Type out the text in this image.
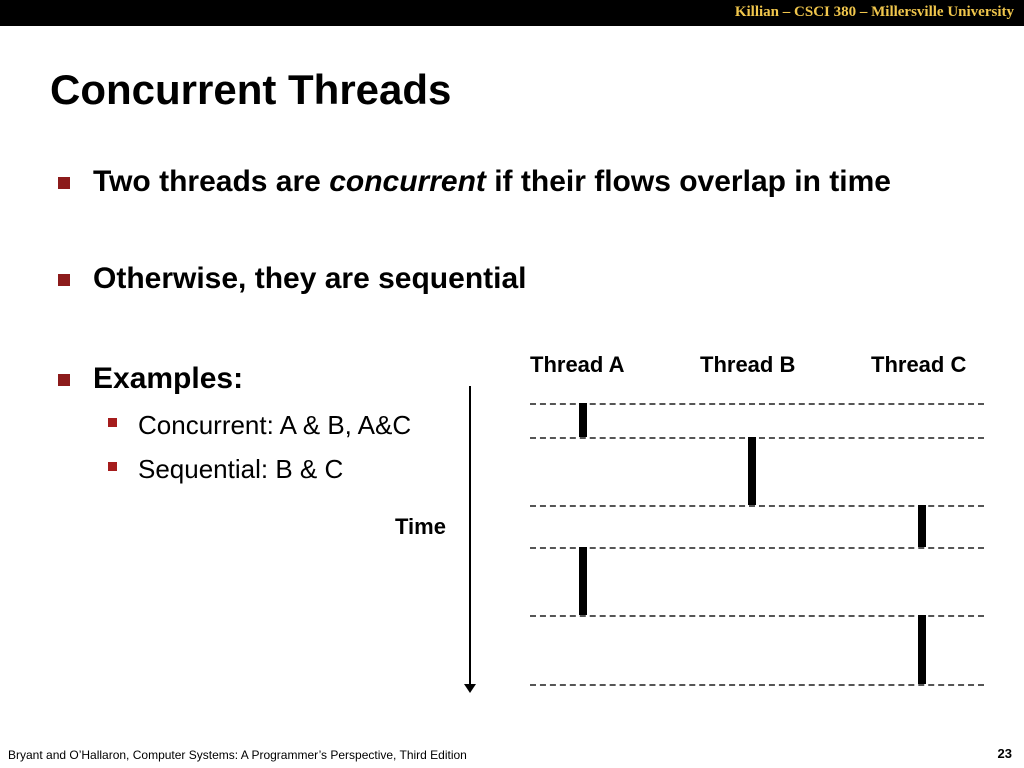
Killian – CSCI 380 – Millersville University
Concurrent Threads
Two threads are concurrent if their flows overlap in time
Otherwise, they are sequential
Examples:
Concurrent: A & B, A&C
Sequential: B & C
Time
Thread A	Thread B	Thread C
Bryant and O’Hallaron, Computer Systems: A Programmer’s Perspective, Third Edition	23
